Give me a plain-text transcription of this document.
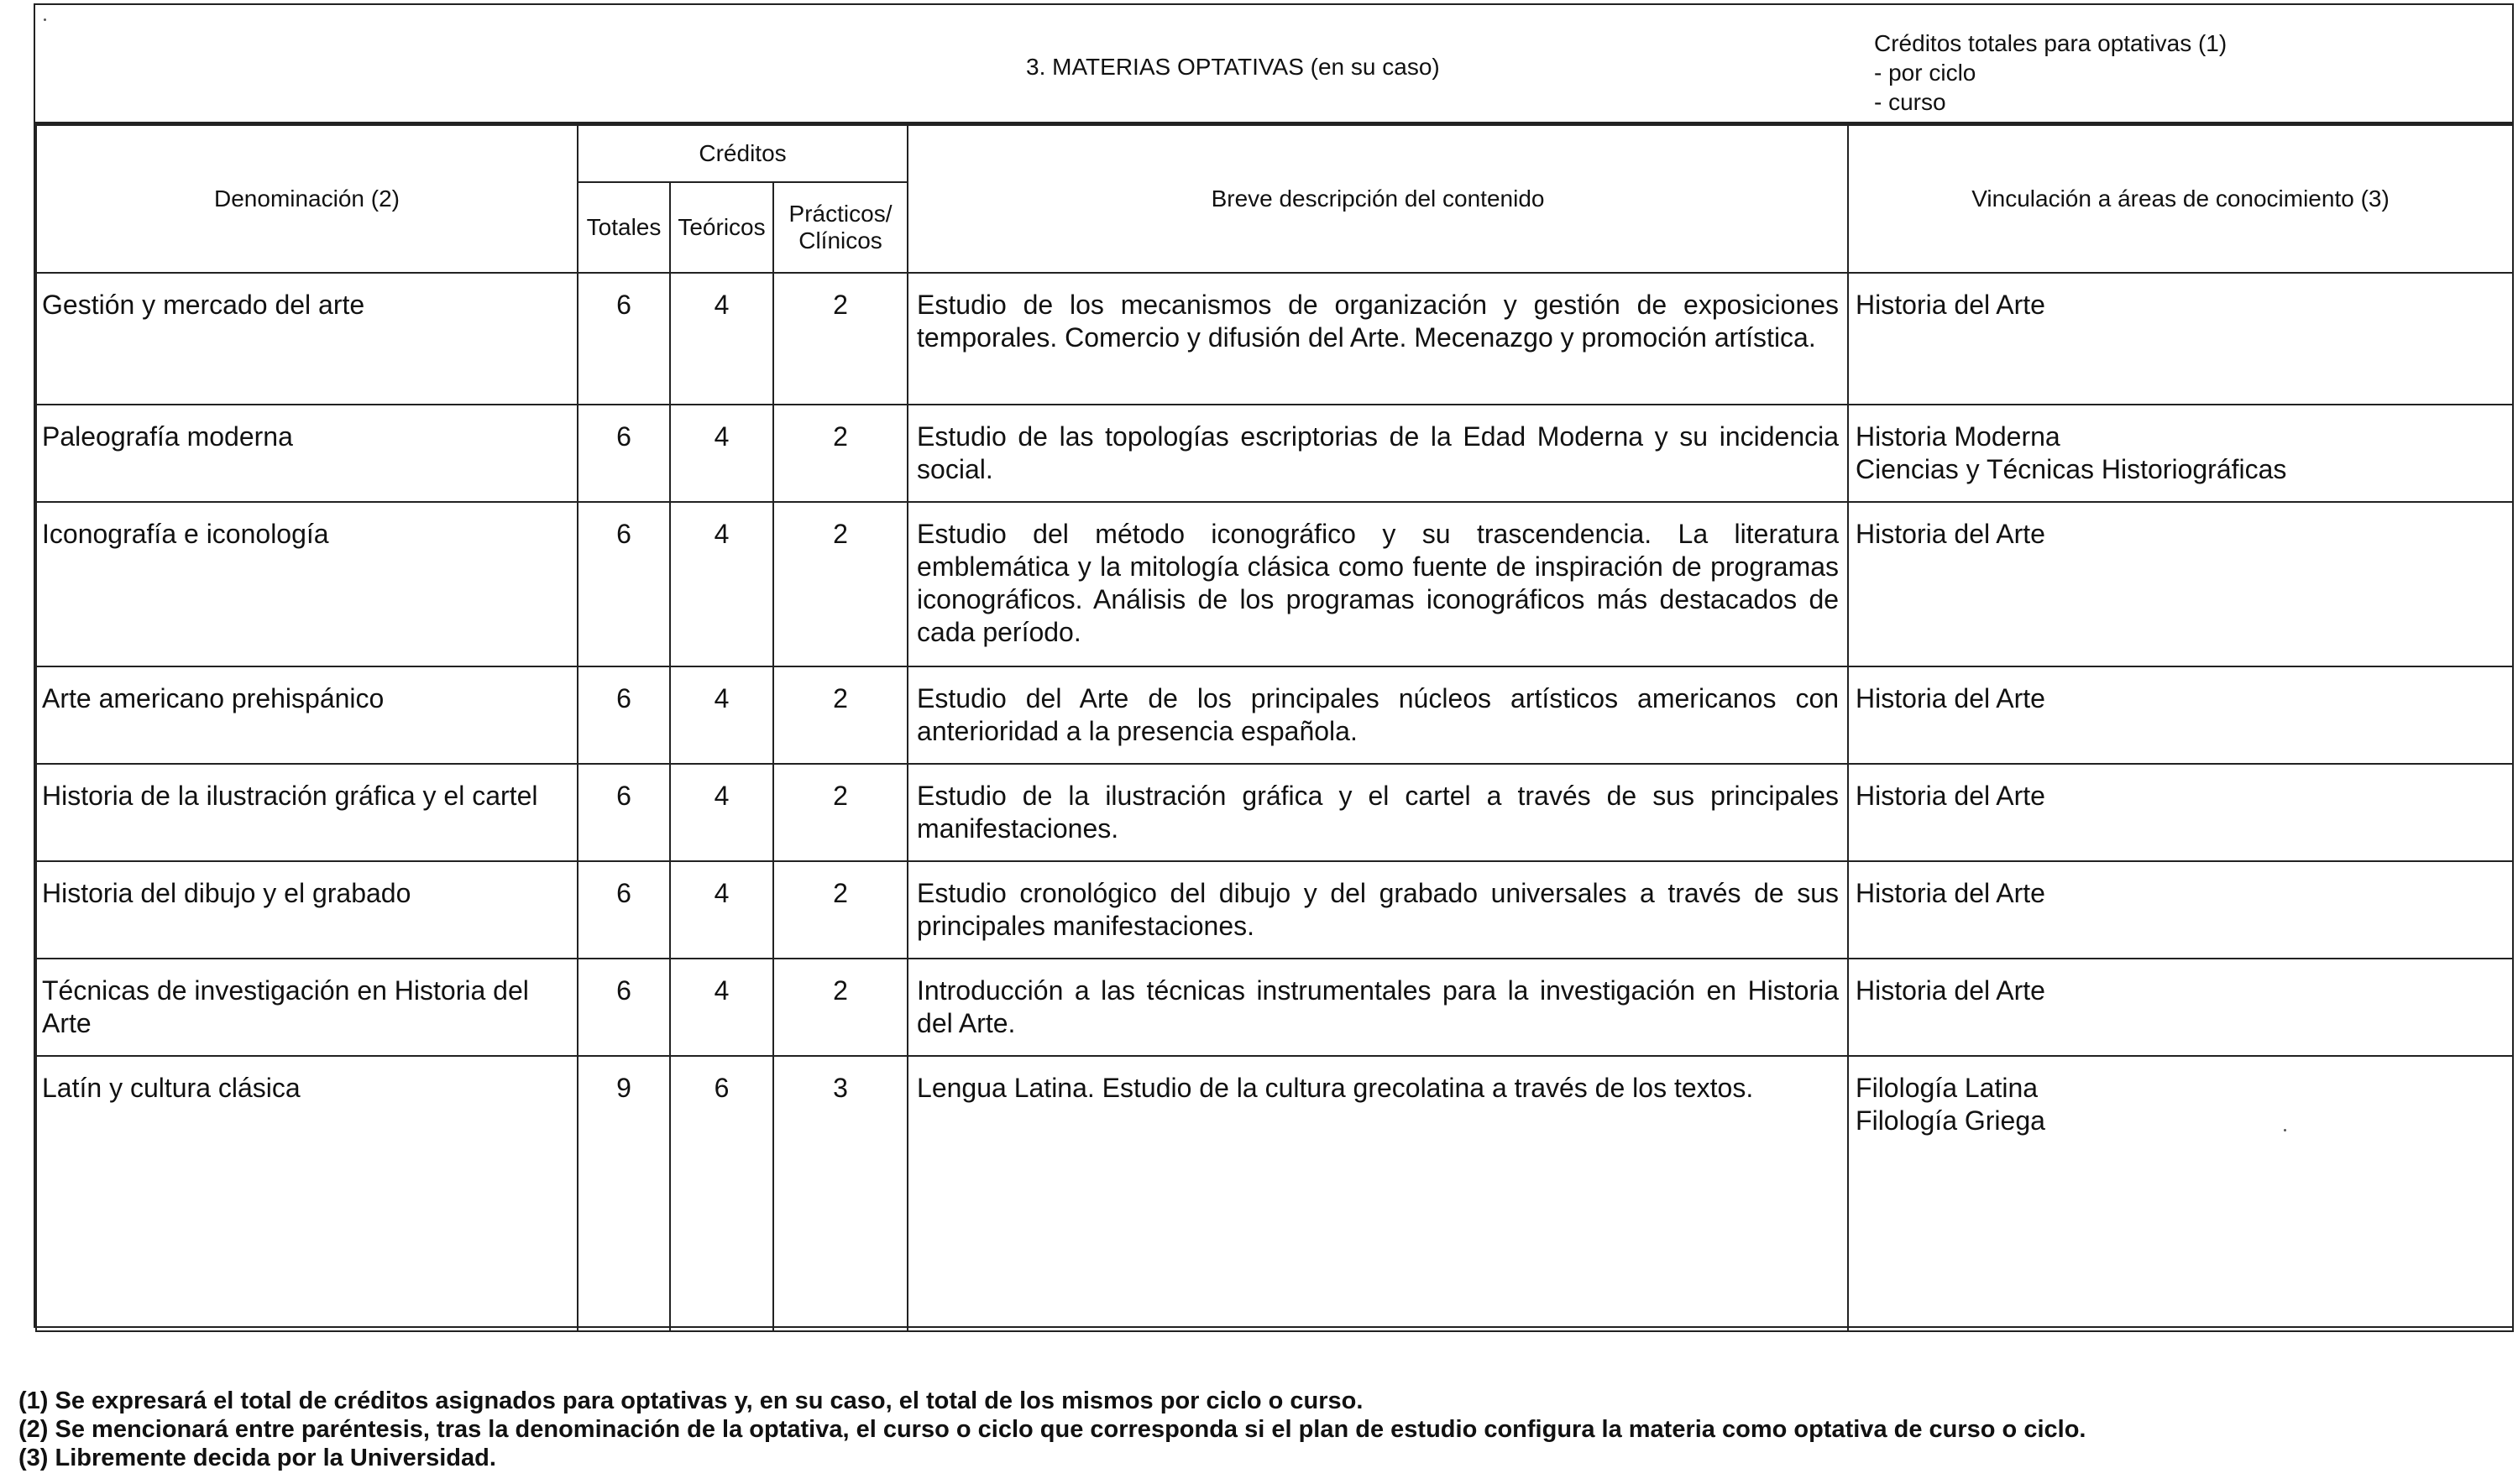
3. MATERIAS OPTATIVAS (en su caso)
Créditos totales para optativas (1)
- por ciclo
- curso
Denominación (2)	Créditos			Breve descripción del contenido	Vinculación a áreas de conocimiento (3)
	Totales	Teóricos	Prácticos/ Clínicos		
Gestión y mercado del arte	6	4	2	Estudio de los mecanismos de organización y gestión de exposiciones temporales. Comercio y difusión del Arte. Mecenazgo y promoción artística.	Historia del Arte

Paleografía moderna	6	4	2	Estudio de las topologías escriptorias de la Edad Moderna y su incidencia social.	Historia Moderna
Ciencias y Técnicas Historiográficas

Iconografía e iconología	6	4	2	Estudio del método iconográfico y su trascendencia. La literatura emblemática y la mitología clásica como fuente de inspiración de programas iconográficos. Análisis de los programas iconográficos más destacados de cada período.	Historia del Arte

Arte americano prehispánico	6	4	2	Estudio del Arte de los principales núcleos artísticos americanos con anterioridad a la presencia española.	Historia del Arte

Historia de la ilustración gráfica y el cartel	6	4	2	Estudio de la ilustración gráfica y el cartel a través de sus principales manifestaciones.	Historia del Arte

Historia del dibujo y el grabado	6	4	2	Estudio cronológico del dibujo y del grabado universales a través de sus principales manifestaciones.	Historia del Arte

Técnicas de investigación en Historia del Arte	6	4	2	Introducción a las técnicas instrumentales para la investigación en Historia del Arte.	Historia del Arte

Latín y cultura clásica	9	6	3	Lengua Latina. Estudio de la cultura grecolatina a través de los textos.	Filología Latina
Filología Griega
(1) Se expresará el total de créditos asignados para optativas y, en su caso, el total de los mismos por ciclo o curso.
(2) Se mencionará entre paréntesis, tras la denominación de la optativa, el curso o ciclo que corresponda si el plan de estudio configura la materia como optativa de curso o ciclo.
(3) Libremente decida por la Universidad.
